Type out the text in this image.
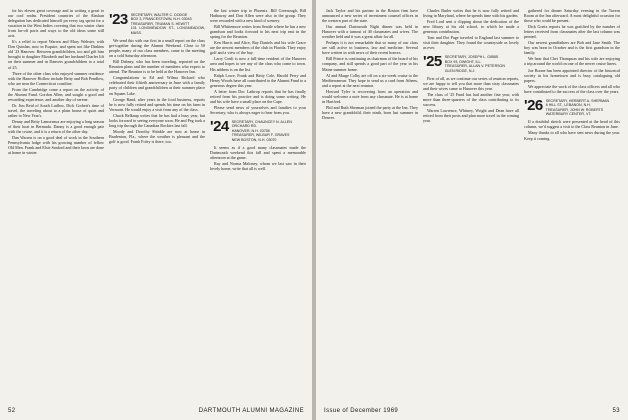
for his eleven great coverage and in writing a great to our cool realm. President countries of the Alaskan delegation has dedicated himself pn every tag sprint for a vacation in the West Indies covering that two winter chair from far-off ports and ways to the old ideas some still acts.

It's a relief to report Warren and Mary Webster, with Don Quinlan, now in Esquire, and spent not like Dinkins old '23 Hanover. Between grandchildren, too and gift him brought to daughter Elizabeth and her husband Charles lift on their summer and in Danvers grandchildren to a total of 25.

Three of the other class who enjoyed summer residence with the Hanover Hollow include Betty and Bob Pendlow, who are near the Connecticut coastline.

From the Cambridge come a report on the activity of the Alumni Fund. Gordon Allen, and sought a good and rewarding experience, and another day of serene.

Dr. Jim Reid of South Ludlow, Dick Corbett's time of travel, the traveling about to a plain house of quiet and rather to New Year's.

Denny and Betty Lamoreaux are enjoying a long season of their boat in Bermuda. Danny is a good enough pair with the cruise, and it is a return of the other day.

Dan Warren is on a good deal of work in the Southern Pennsylvania lodge with his growing number of fellow Old Men. Frank and Elsie Sanford and their lawn are done at home in winter.

'23 SECRETARY, WALTER C. DODGE
BOX 3, FRANCESTOWN, N.H. 03043
TREASURER, TRUMAN S. HEWITT
101 LONGMEADOW ST., LONGMEADOW, MASS.

We send this with our first in a small report on the class get-together during the Alumni Weekend. Close to 50 people, many of our class members, came to the meeting on a cold Saturday afternoon.

Bill Dabney, who has been traveling, reported on the Reunion plans and the number of members who expect to attend. The Reunion is to be held at the Hanover Inn.

Congratulations to Ed and Wilma Rickard who celebrated their fiftieth anniversary in June with a family party of children and grandchildren at their summer place on Squam Lake.

George Rand, after years in the food business, reports he is now fully retired and spends his time on his farm in Vermont. He would enjoy a visit from any of the class.

Chuck Belknap writes that he has had a busy year, but looks forward to seeing everyone soon. He and Peg took a long trip through the Canadian Rockies last fall.

Moody and Dorothy Shinkle are now at home in Bradenton, Fla., where the weather is pleasant and the golf is good. Frank Foley is there, too.

the last winter trip to Phoenix. Bill Greenough, Bill Hathaway and Don Allen were also in the group. They were rewarded with a new kind of scenery.

Bill Whittemore writes from Seattle where he has a new grandson and looks forward to his next trip east in the spring for the Reunion.

Ken Harris and Alice, Ray Daniels and his wife Grace are the newest members of the club in Florida. They enjoy golf and a view of the bay.

Larry Coult is now a full-time resident of the Hanover area and hopes to see any of the class who come to town. His address is on the list.

Ralph Lowe, Frank and Betty Cole, Harold Perry and Henry Woods have all contributed to the Alumni Fund to a generous degree this year.

A letter from Doc Lathrop reports that he has finally retired from his practice and is doing some writing. He and his wife have a small place on the Cape.

Please send news of yourselves and families to your Secretary, who is always eager to hear from you.

'24 SECRETARY, CHAUNCEY N. ALLEN
ORCHARD RD.
HANOVER, N.H. 03755
TREASURER, WILBUR F. GRAVES
NEW BOSTON, N.H. 03070

It seems as if a good many classmates made the Dartmouth weekend this fall and spent a memorable afternoon at the game.

Ray and Norma Maloney, whom we last saw in their lovely home, write that all is well.

52	DARTMOUTH ALUMNI MAGAZINE

Jack Taylor and his partner in the Boston firm have announced a new series of investment counsel offices in the western part of the state.

Our annual Dartmouth Night dinner was held in Hanover with a turnout of 40 classmates and wives. The weather held and it was a great affair for all.

Perhaps it is not remarkable that so many of our class are still active in business, law and medicine. Several have written in with news of their recent honors.

Bill Prince is continuing as chairman of the board of his company, and still spends a good part of the year in his Maine summer home.

Al and Marge Colby are off on a six-week cruise to the Mediterranean. They hope to send us a card from Athens, and a report at the next reunion.

Howard Tyler is recovering from an operation and would welcome a note from any classmate. He is at home in Hartford.

Phil and Ruth Sherman joined the party at the Inn. They have a new grandchild, their ninth, born last summer in Denver.

Charles Butler writes that he is now fully retired and living in Maryland, where he spends time with his garden.

Fred Lord sent a clipping about the dedication of the new library at his old school, to which he made a generous contribution.

Tom and Dot Page traveled to England last summer to visit their daughter. They found the countryside as lovely as ever.

'25 SECRETARY, JOSEPH L. GIBBS
BOX 93, DWIGHT, ILL.
TREASURER, ALLAN V. PETERSON
GLEN RIDGE, N.J.

First of all, as we continue our series of reunion reports, we are happy to tell you that more than sixty classmates and their wives came to Hanover this year.

The class of '25 Fund has had another fine year, with more than three-quarters of the class contributing to its success.

Warren Lawrence, Whitney, Wright and Dean have all retired from their posts and plan more travel in the coming year.

gathered for dinner Saturday evening in the Tavern Room at the Inn afterward. A most delightful occasion for those who could be present.

Dick Goetz reports he was gratified by the number of letters received from classmates after the last column was printed.

Our newest grandfathers are Bob and Jane Smith. The boy was born in October and is the first grandson in the family.

We hear that Chet Thompson and his wife are enjoying a trip around the world on one of the newer cruise liners.

Joe Boone has been appointed director of the historical society in his hometown and is busy cataloguing old papers.

We appreciate the work of the class officers and all who have contributed to the success of the class over the years.

'26 SECRETARY, HERBERT A. SHERMAN
6 HILL ST., LEBANON, N.H.
TREASURER, JOHN W. ROBERTS
WATERBURY CENTER, VT.

If a doubtful sketch were presented at the head of this column, we'd suggest a visit to the Class Reunion in June.

Many thanks to all who have sent news during the year. Keep it coming.

Issue of December 1969	53
